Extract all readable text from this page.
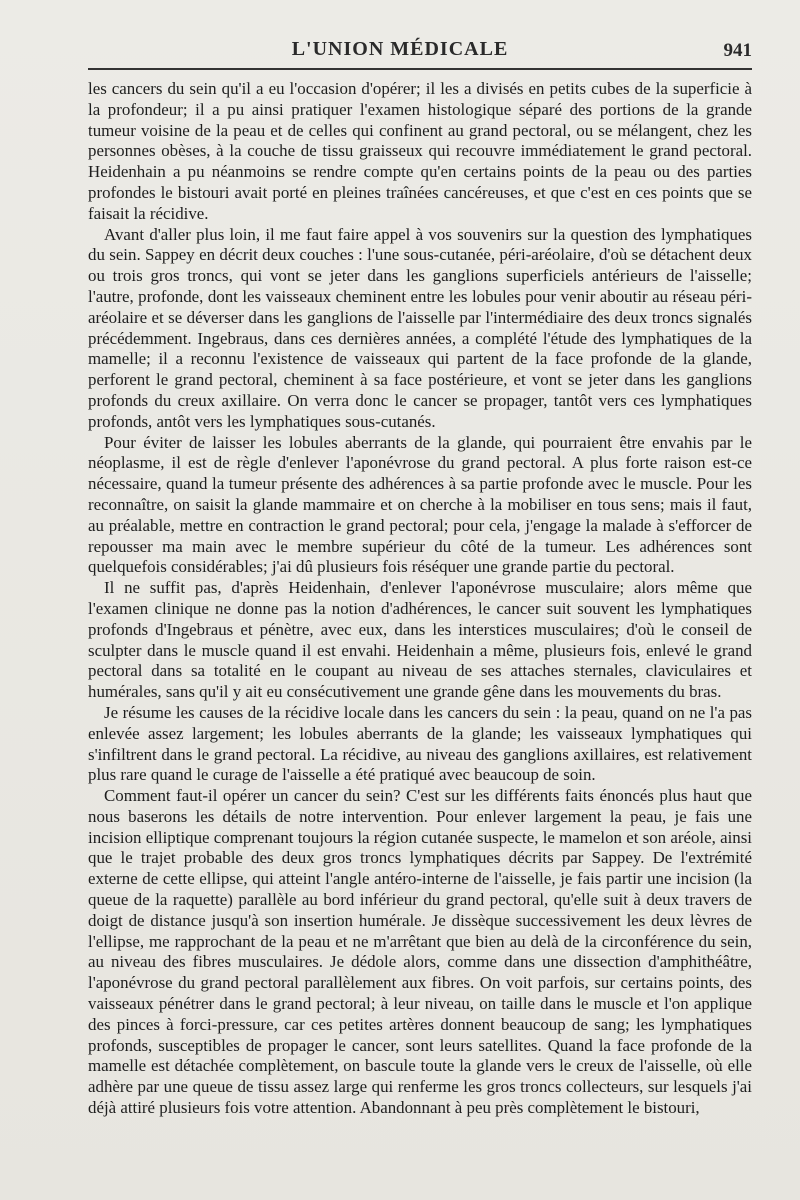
L'UNION MÉDICALE	941

les cancers du sein qu'il a eu l'occasion d'opérer; il les a divisés en petits cubes de la superficie à la profondeur; il a pu ainsi pratiquer l'examen histologique séparé des portions de la grande tumeur voisine de la peau et de celles qui confinent au grand pectoral, ou se mélangent, chez les personnes obèses, à la couche de tissu graisseux qui recouvre immédiatement le grand pectoral. Heidenhain a pu néanmoins se rendre compte qu'en certains points de la peau ou des parties profondes le bistouri avait porté en pleines traînées cancéreuses, et que c'est en ces points que se faisait la récidive.

Avant d'aller plus loin, il me faut faire appel à vos souvenirs sur la question des lymphatiques du sein. Sappey en décrit deux couches : l'une sous-cutanée, péri-aréolaire, d'où se détachent deux ou trois gros troncs, qui vont se jeter dans les ganglions superficiels antérieurs de l'aisselle; l'autre, profonde, dont les vaisseaux cheminent entre les lobules pour venir aboutir au réseau péri-aréolaire et se déverser dans les ganglions de l'aisselle par l'intermédiaire des deux troncs signalés précédemment. Ingebraus, dans ces dernières années, a complété l'étude des lymphatiques de la mamelle; il a reconnu l'existence de vaisseaux qui partent de la face profonde de la glande, perforent le grand pectoral, cheminent à sa face postérieure, et vont se jeter dans les ganglions profonds du creux axillaire. On verra donc le cancer se propager, tantôt vers ces lymphatiques profonds, antôt vers les lymphatiques sous-cutanés.

Pour éviter de laisser les lobules aberrants de la glande, qui pourraient être envahis par le néoplasme, il est de règle d'enlever l'aponévrose du grand pectoral. A plus forte raison est-ce nécessaire, quand la tumeur présente des adhérences à sa partie profonde avec le muscle. Pour les reconnaître, on saisit la glande mammaire et on cherche à la mobiliser en tous sens; mais il faut, au préalable, mettre en contraction le grand pectoral; pour cela, j'engage la malade à s'efforcer de repousser ma main avec le membre supérieur du côté de la tumeur. Les adhérences sont quelquefois considérables; j'ai dû plusieurs fois réséquer une grande partie du pectoral.

Il ne suffit pas, d'après Heidenhain, d'enlever l'aponévrose musculaire; alors même que l'examen clinique ne donne pas la notion d'adhérences, le cancer suit souvent les lymphatiques profonds d'Ingebraus et pénètre, avec eux, dans les interstices musculaires; d'où le conseil de sculpter dans le muscle quand il est envahi. Heidenhain a même, plusieurs fois, enlevé le grand pectoral dans sa totalité en le coupant au niveau de ses attaches sternales, claviculaires et humérales, sans qu'il y ait eu consécutivement une grande gêne dans les mouvements du bras.

Je résume les causes de la récidive locale dans les cancers du sein : la peau, quand on ne l'a pas enlevée assez largement; les lobules aberrants de la glande; les vaisseaux lymphatiques qui s'infiltrent dans le grand pectoral. La récidive, au niveau des ganglions axillaires, est relativement plus rare quand le curage de l'aisselle a été pratiqué avec beaucoup de soin.

Comment faut-il opérer un cancer du sein? C'est sur les différents faits énoncés plus haut que nous baserons les détails de notre intervention. Pour enlever largement la peau, je fais une incision elliptique comprenant toujours la région cutanée suspecte, le mamelon et son aréole, ainsi que le trajet probable des deux gros troncs lymphatiques décrits par Sappey. De l'extrémité externe de cette ellipse, qui atteint l'angle antéro-interne de l'aisselle, je fais partir une incision (la queue de la raquette) parallèle au bord inférieur du grand pectoral, qu'elle suit à deux travers de doigt de distance jusqu'à son insertion humérale. Je dissèque successivement les deux lèvres de l'ellipse, me rapprochant de la peau et ne m'arrêtant que bien au delà de la circonférence du sein, au niveau des fibres musculaires. Je dédole alors, comme dans une dissection d'amphithéâtre, l'aponévrose du grand pectoral parallèlement aux fibres. On voit parfois, sur certains points, des vaisseaux pénétrer dans le grand pectoral; à leur niveau, on taille dans le muscle et l'on applique des pinces à forci-pressure, car ces petites artères donnent beaucoup de sang; les lymphatiques profonds, susceptibles de propager le cancer, sont leurs satellites. Quand la face profonde de la mamelle est détachée complètement, on bascule toute la glande vers le creux de l'aisselle, où elle adhère par une queue de tissu assez large qui renferme les gros troncs collecteurs, sur lesquels j'ai déjà attiré plusieurs fois votre attention. Abandonnant à peu près complètement le bistouri,
